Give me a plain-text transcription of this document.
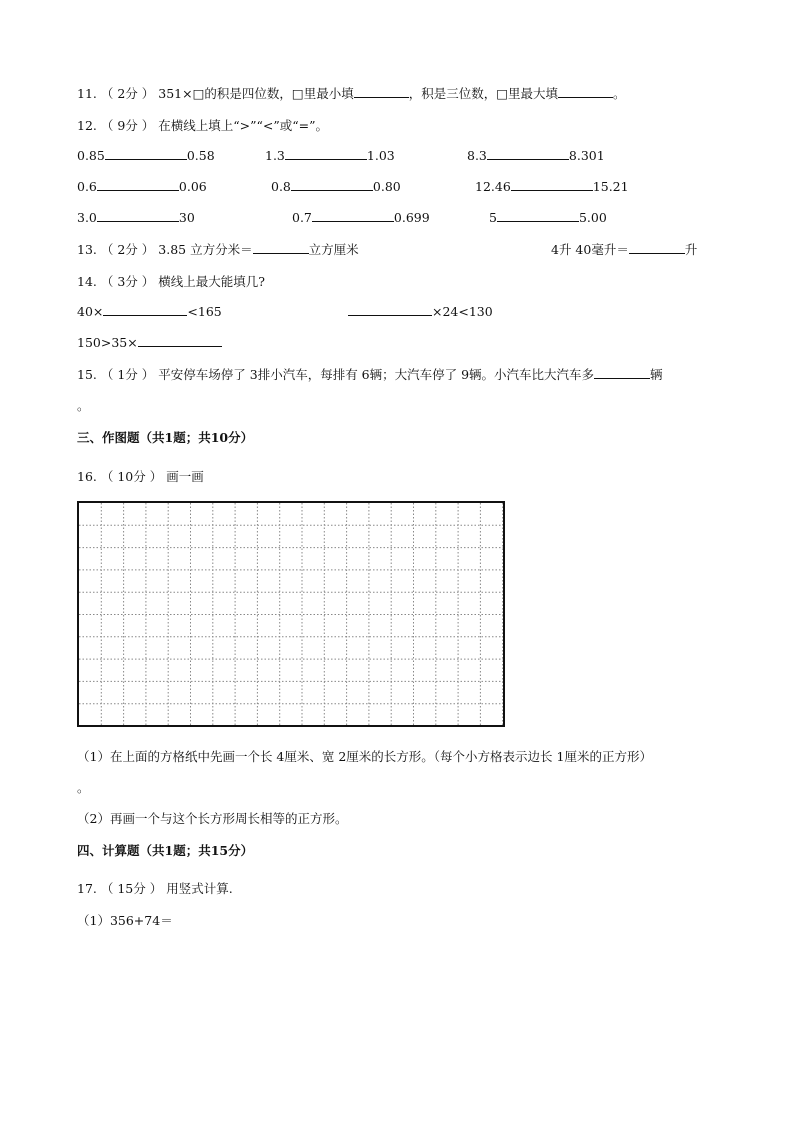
11. （ 2分 ） 351×□的积是四位数，□里最小填	，积是三位数，□里最大填	。
12. （ 9分 ） 在横线上填上“>”“<”或“=”。
0.85	0.58	1.3	1.03	8.3	8.301
0.6	0.06	0.8	0.80	12.46	15.21
3.0	30	0.7	0.699	5	5.00
13. （ 2分 ） 3.85 立方分米＝	立方厘米	4升 40毫升＝	升
14. （ 3分 ） 横线上最大能填几?
40×	<165	×24<130
150>35×
15. （ 1分 ） 平安停车场停了 3排小汽车，每排有 6辆；大汽车停了 9辆。小汽车比大汽车多	辆
。
三、作图题（共1题；共10分）
16. （ 10分 ） 画一画
（1）在上面的方格纸中先画一个长 4厘米、宽 2厘米的长方形。（每个小方格表示边长 1厘米的正方形）
。
（2）再画一个与这个长方形周长相等的正方形。
四、计算题（共1题；共15分）
17. （ 15分 ） 用竖式计算.
（1）356+74＝
